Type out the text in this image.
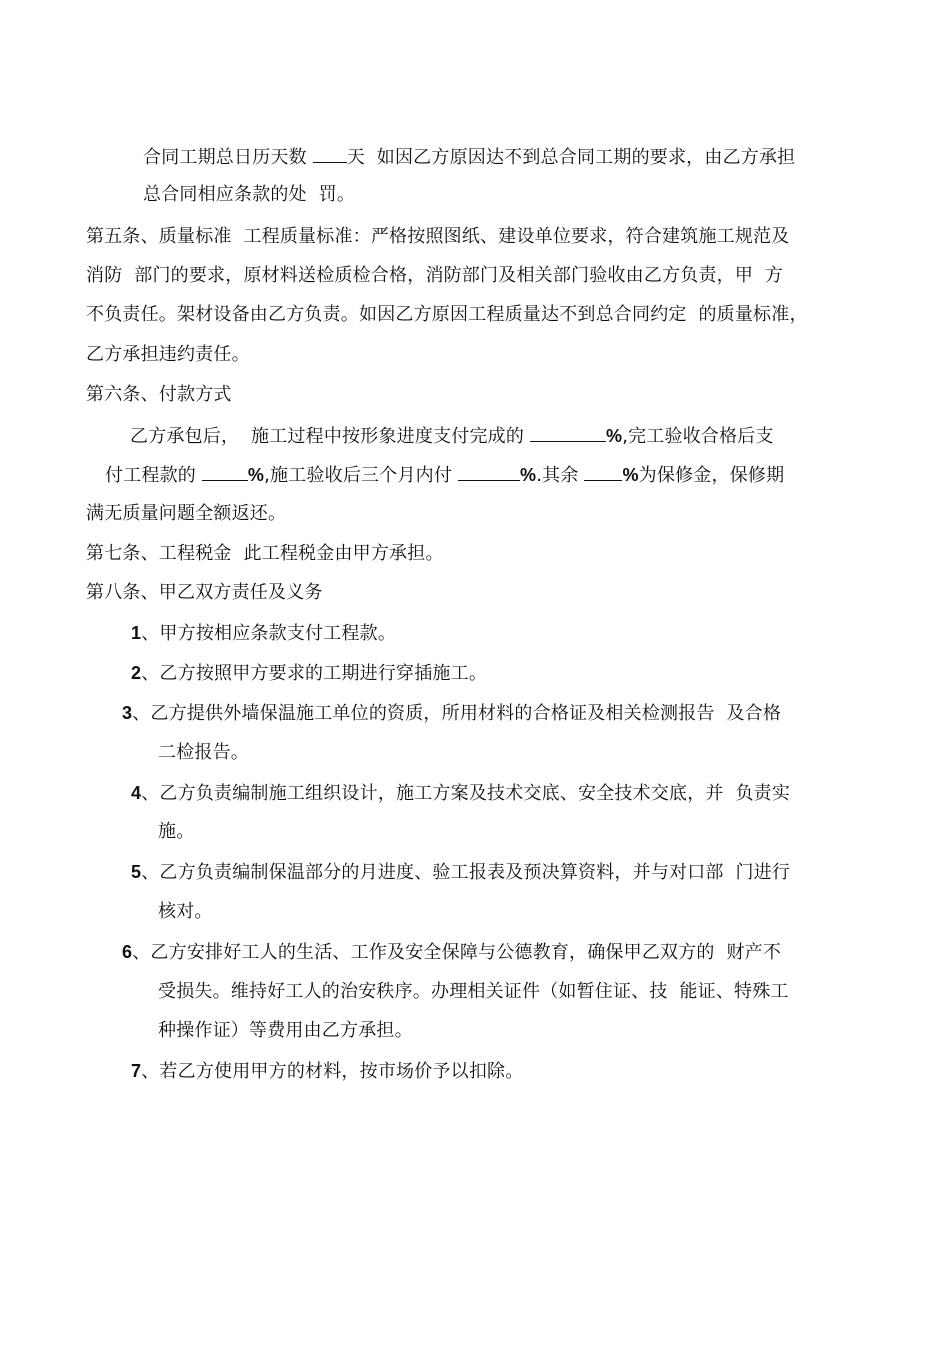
合同工期总日历天数 天  如因乙方原因达不到总合同工期的要求，由乙方承担
总合同相应条款的处  罚。
第五条、质量标准  工程质量标准：严格按照图纸、建设单位要求，符合建筑施工规范及
消防  部门的要求，原材料送检质检合格，消防部门及相关部门验收由乙方负责，甲  方
不负责任。架材设备由乙方负责。如因乙方原因工程质量达不到总合同约定  的质量标准，
乙方承担违约责任。
第六条、付款方式
乙方承包后，  施工过程中按形象进度支付完成的	%,完工验收合格后支
付工程款的	%,施工验收后三个月内付	%.其余 %为保修金，保修期
满无质量问题全额返还。
第七条、工程税金  此工程税金由甲方承担。
第八条、甲乙双方责任及义务
1、甲方按相应条款支付工程款。
2、乙方按照甲方要求的工期进行穿插施工。
3、乙方提供外墙保温施工单位的资质，所用材料的合格证及相关检测报告  及合格
二检报告。
4、乙方负责编制施工组织设计，施工方案及技术交底、安全技术交底，并  负责实
施。
5、乙方负责编制保温部分的月进度、验工报表及预决算资料，并与对口部  门进行
核对。
6、乙方安排好工人的生活、工作及安全保障与公德教育，确保甲乙双方的  财产不
受损失。维持好工人的治安秩序。办理相关证件（如暂住证、技  能证、特殊工
种操作证）等费用由乙方承担。
7、若乙方使用甲方的材料，按市场价予以扣除。
